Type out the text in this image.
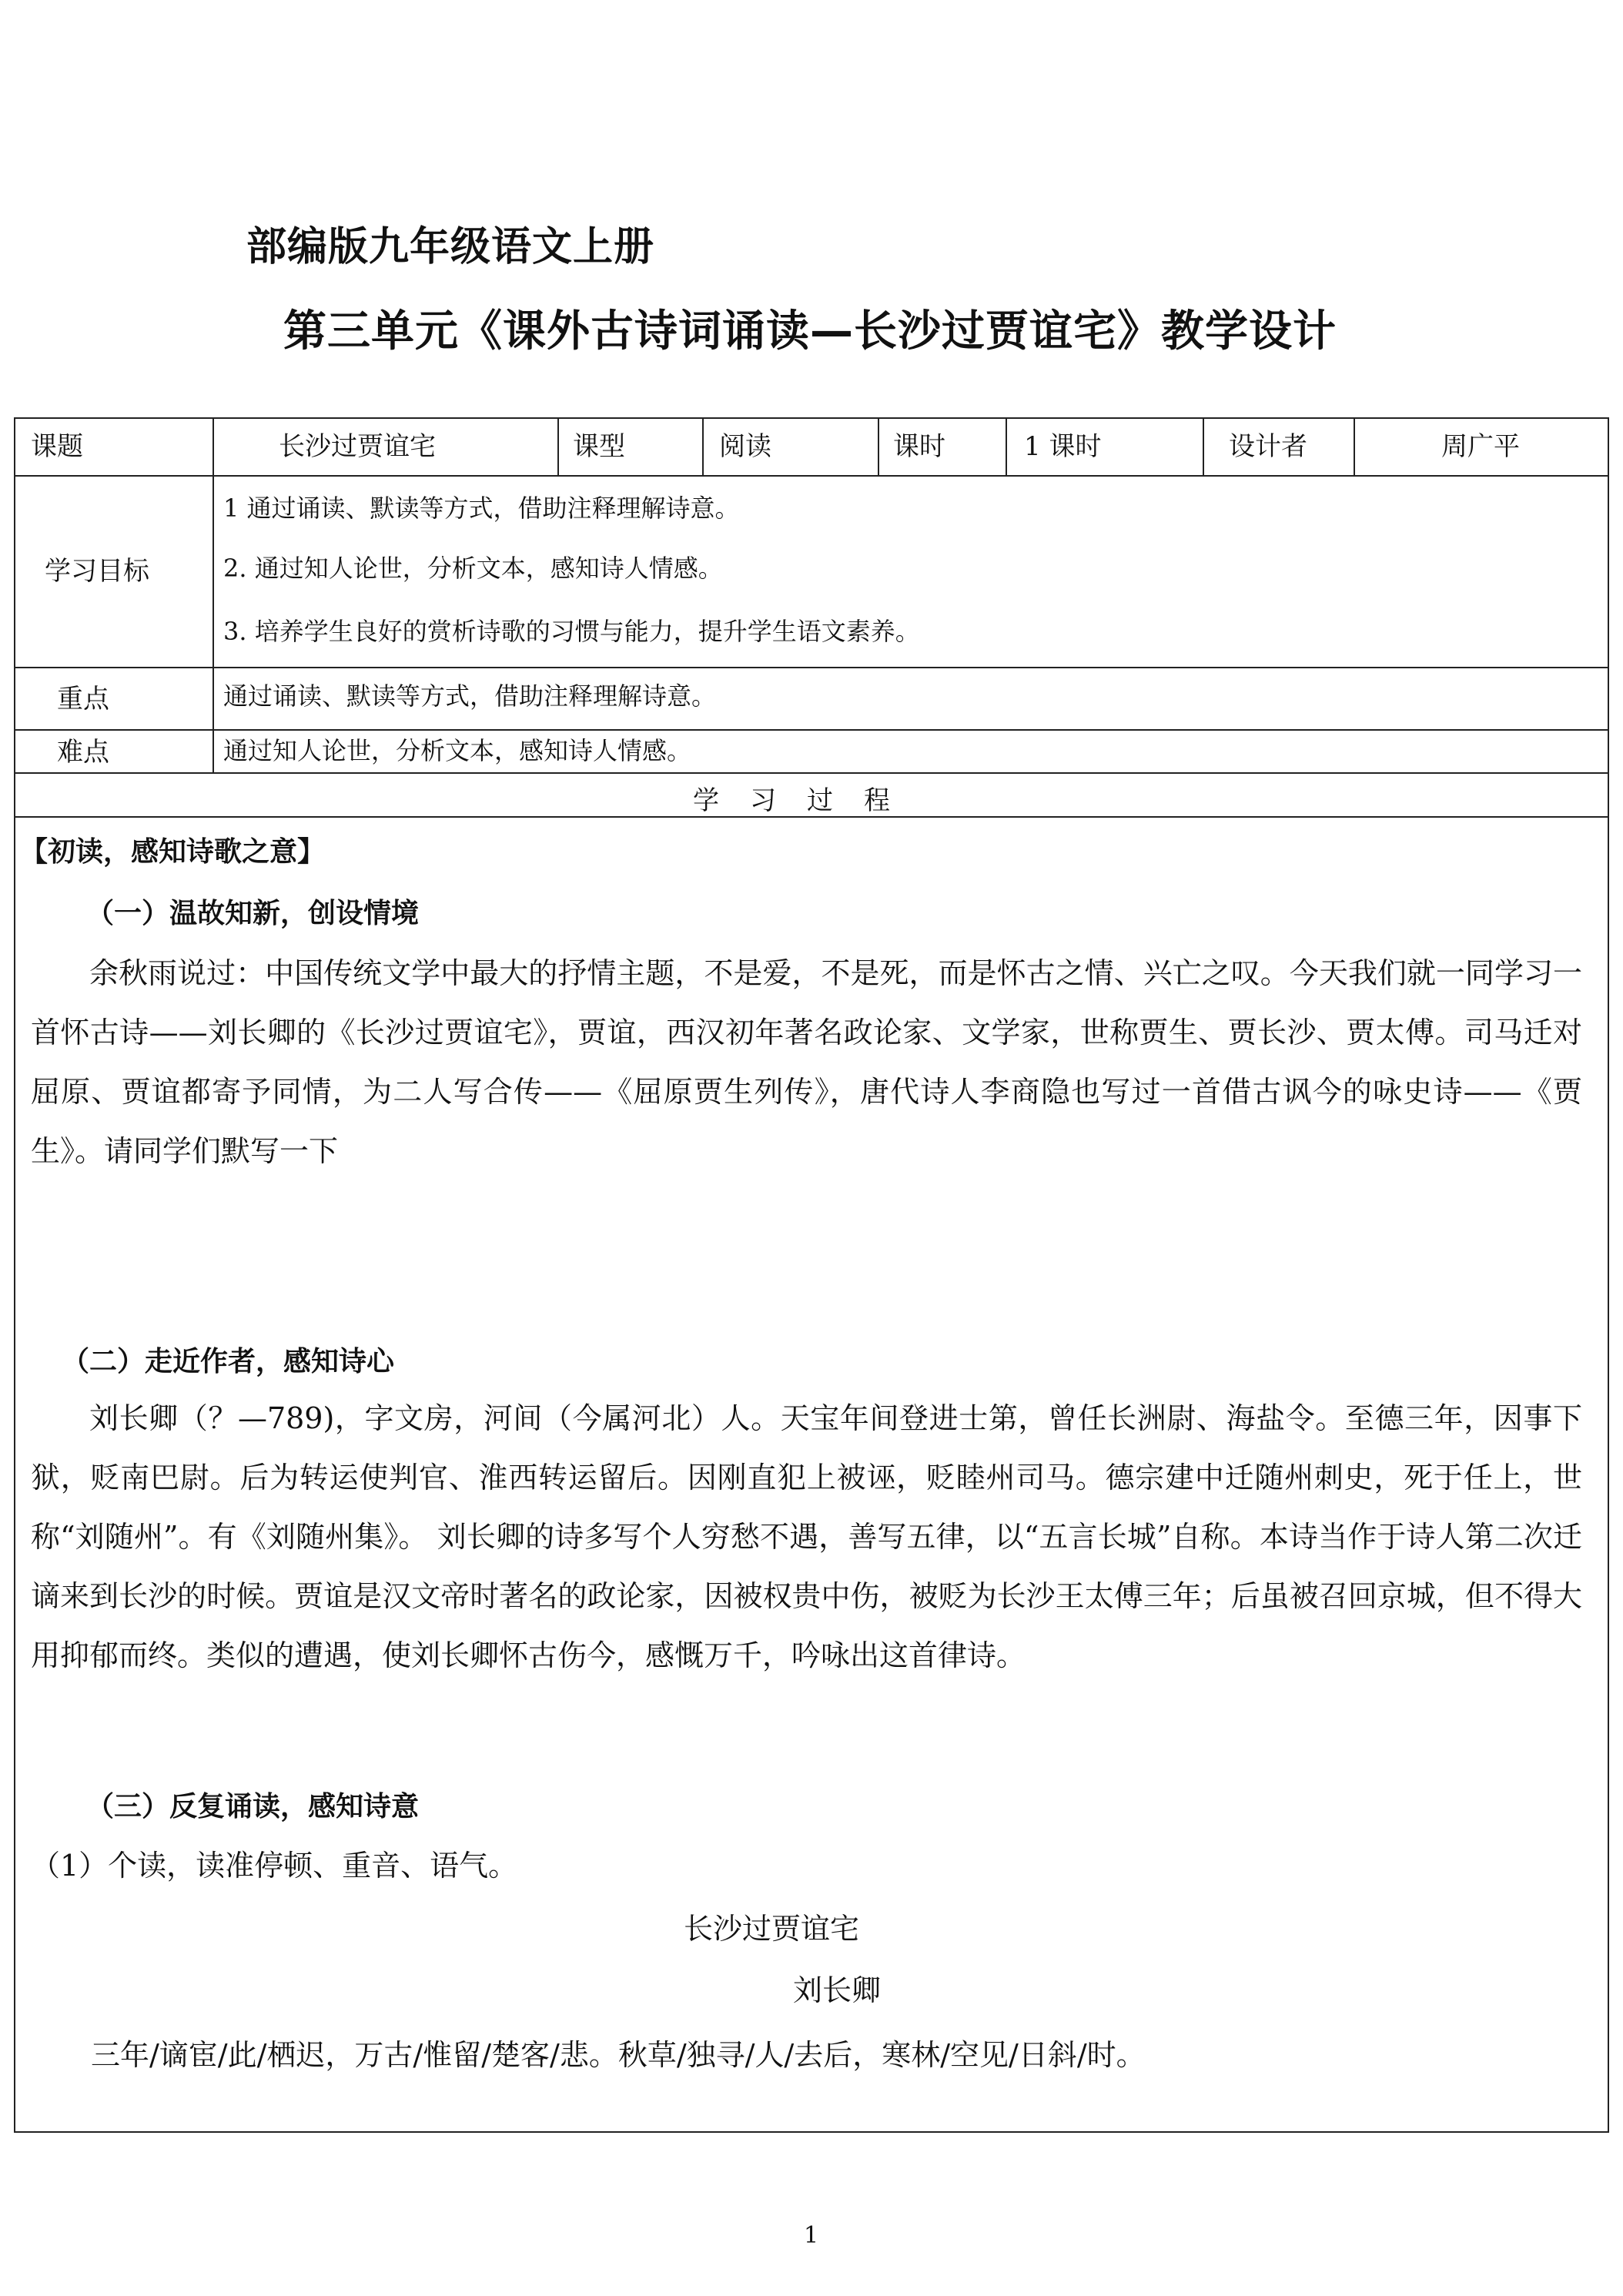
部编版九年级语文上册
第三单元《课外古诗词诵读—长沙过贾谊宅》教学设计
课题	长沙过贾谊宅	课型	阅读	课时	1 课时	设计者	周广平
学习目标
1 通过诵读、默读等方式，借助注释理解诗意。
2. 通过知人论世，分析文本，感知诗人情感。
3. 培养学生良好的赏析诗歌的习惯与能力，提升学生语文素养。
重点	通过诵读、默读等方式，借助注释理解诗意。
难点	通过知人论世，分析文本，感知诗人情感。
学习过程
【初读，感知诗歌之意】
（一）温故知新，创设情境
余秋雨说过：中国传统文学中最大的抒情主题，不是爱，不是死，而是怀古之情、兴亡之叹。今天我们就一同学习一首怀古诗——刘长卿的《长沙过贾谊宅》，贾谊，西汉初年著名政论家、文学家，世称贾生、贾长沙、贾太傅。司马迁对屈原、贾谊都寄予同情，为二人写合传——《屈原贾生列传》，唐代诗人李商隐也写过一首借古讽今的咏史诗——《贾生》。请同学们默写一下
（二）走近作者，感知诗心
刘长卿（？—789)，字文房，河间（今属河北）人。天宝年间登进士第，曾任长洲尉、海盐令。至德三年，因事下狱，贬南巴尉。后为转运使判官、淮西转运留后。因刚直犯上被诬，贬睦州司马。德宗建中迁随州刺史，死于任上，世称“刘随州”。有《刘随州集》。 刘长卿的诗多写个人穷愁不遇，善写五律，以“五言长城”自称。本诗当作于诗人第二次迁谪来到长沙的时候。贾谊是汉文帝时著名的政论家，因被权贵中伤，被贬为长沙王太傅三年；后虽被召回京城，但不得大用抑郁而终。类似的遭遇，使刘长卿怀古伤今，感慨万千，吟咏出这首律诗。
（三）反复诵读，感知诗意
（1）个读，读准停顿、重音、语气。
长沙过贾谊宅
刘长卿
三年/谪宦/此/栖迟，万古/惟留/楚客/悲。秋草/独寻/人/去后，寒林/空见/日斜/时。
1
